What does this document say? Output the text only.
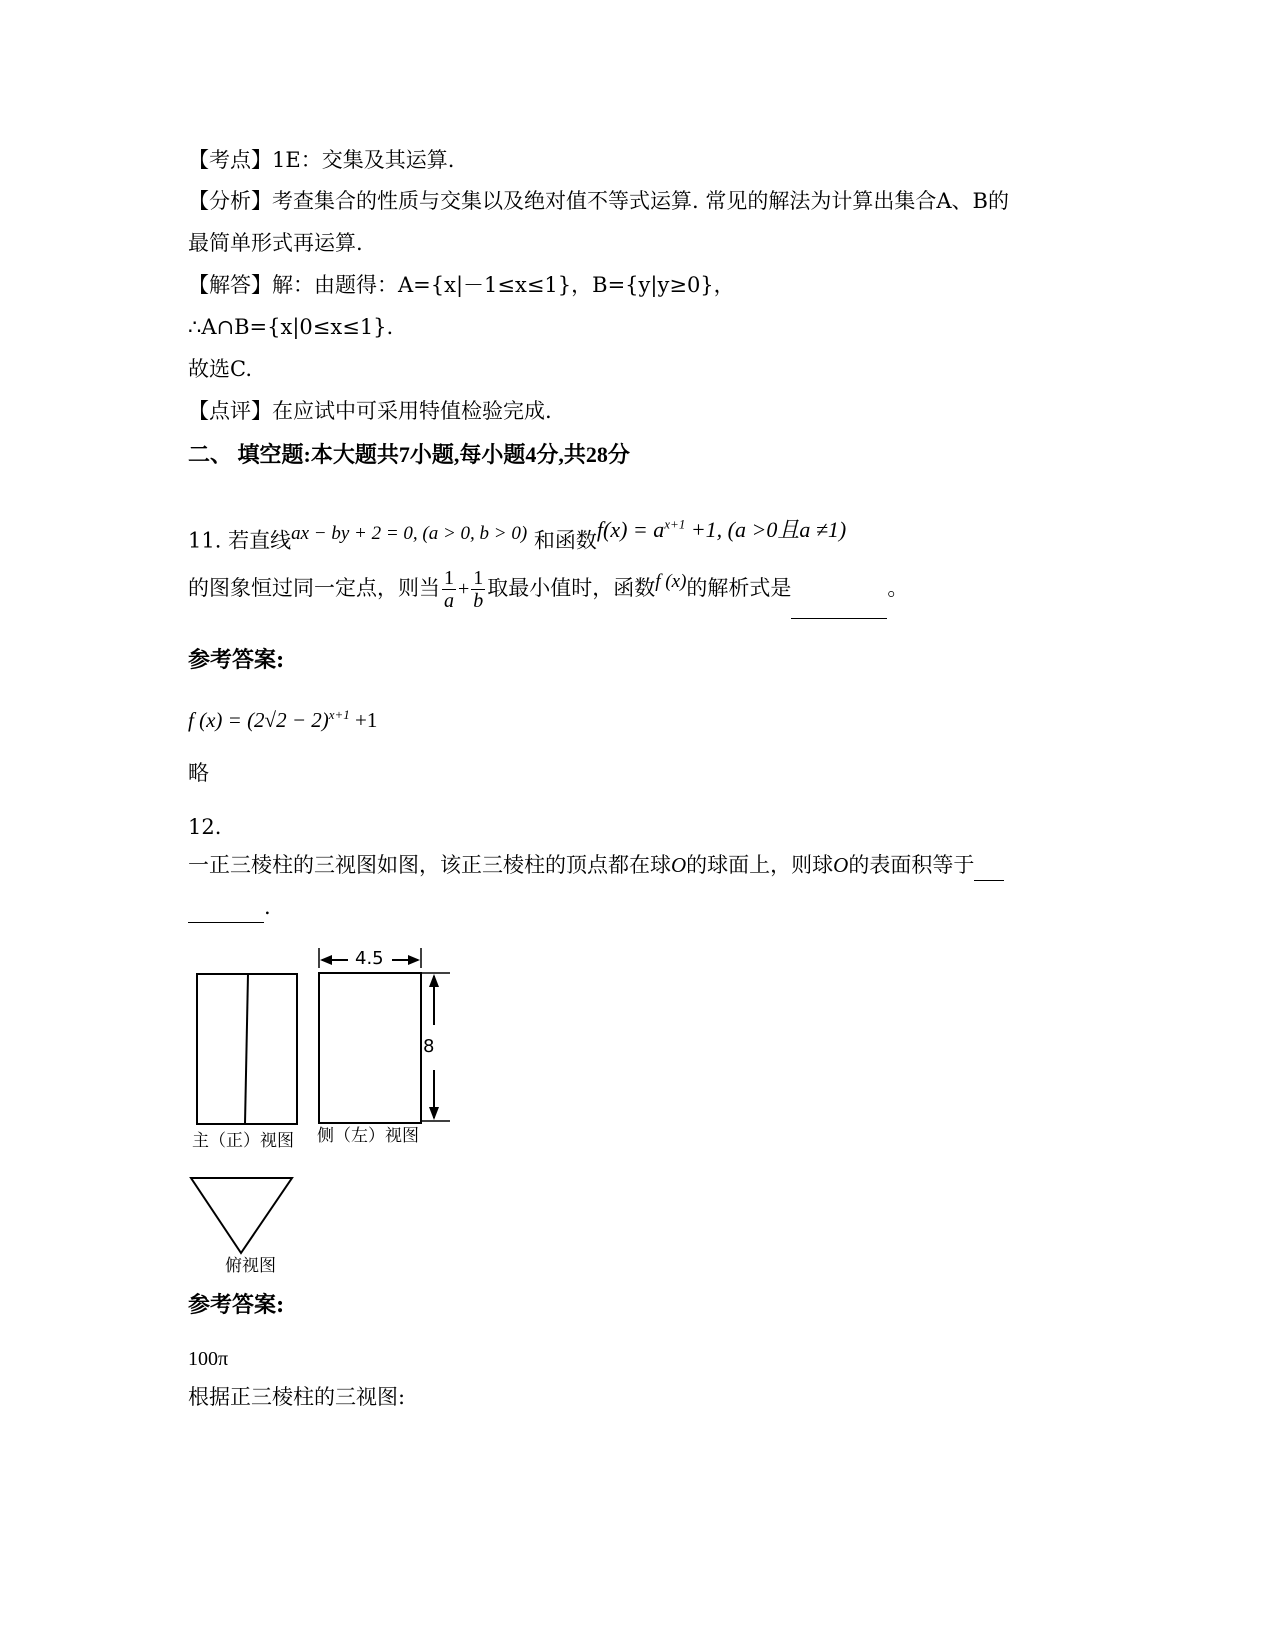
【考点】1E：交集及其运算.
【分析】考查集合的性质与交集以及绝对值不等式运算. 常见的解法为计算出集合A、B的
最简单形式再运算.
【解答】解：由题得：A={x|－1≤x≤1}，B={y|y≥0}，
∴A∩B={x|0≤x≤1}.
故选C.
【点评】在应试中可采用特值检验完成.
二、 填空题:本大题共7小题,每小题4分,共28分
11. 若直线ax − by + 2 = 0, (a > 0, b > 0) 和函数$f(x) = a^{x+1} +1$, (a >0且a ≠1)
的图象恒过同一定点，则当 $\frac{1}{a} + \frac{1}{b}$ 取最小值时，函数f (x)的解析式是	。
参考答案:
f $(x) = (2√2 - 2)^{x+1} +1$
略
12.
一正三棱柱的三视图如图，该正三棱柱的顶点都在球O的球面上，则球O的表面积等于
.
主（正）视图
4.5
8
侧（左）视图
俯视图
参考答案:
100π
根据正三棱柱的三视图:
